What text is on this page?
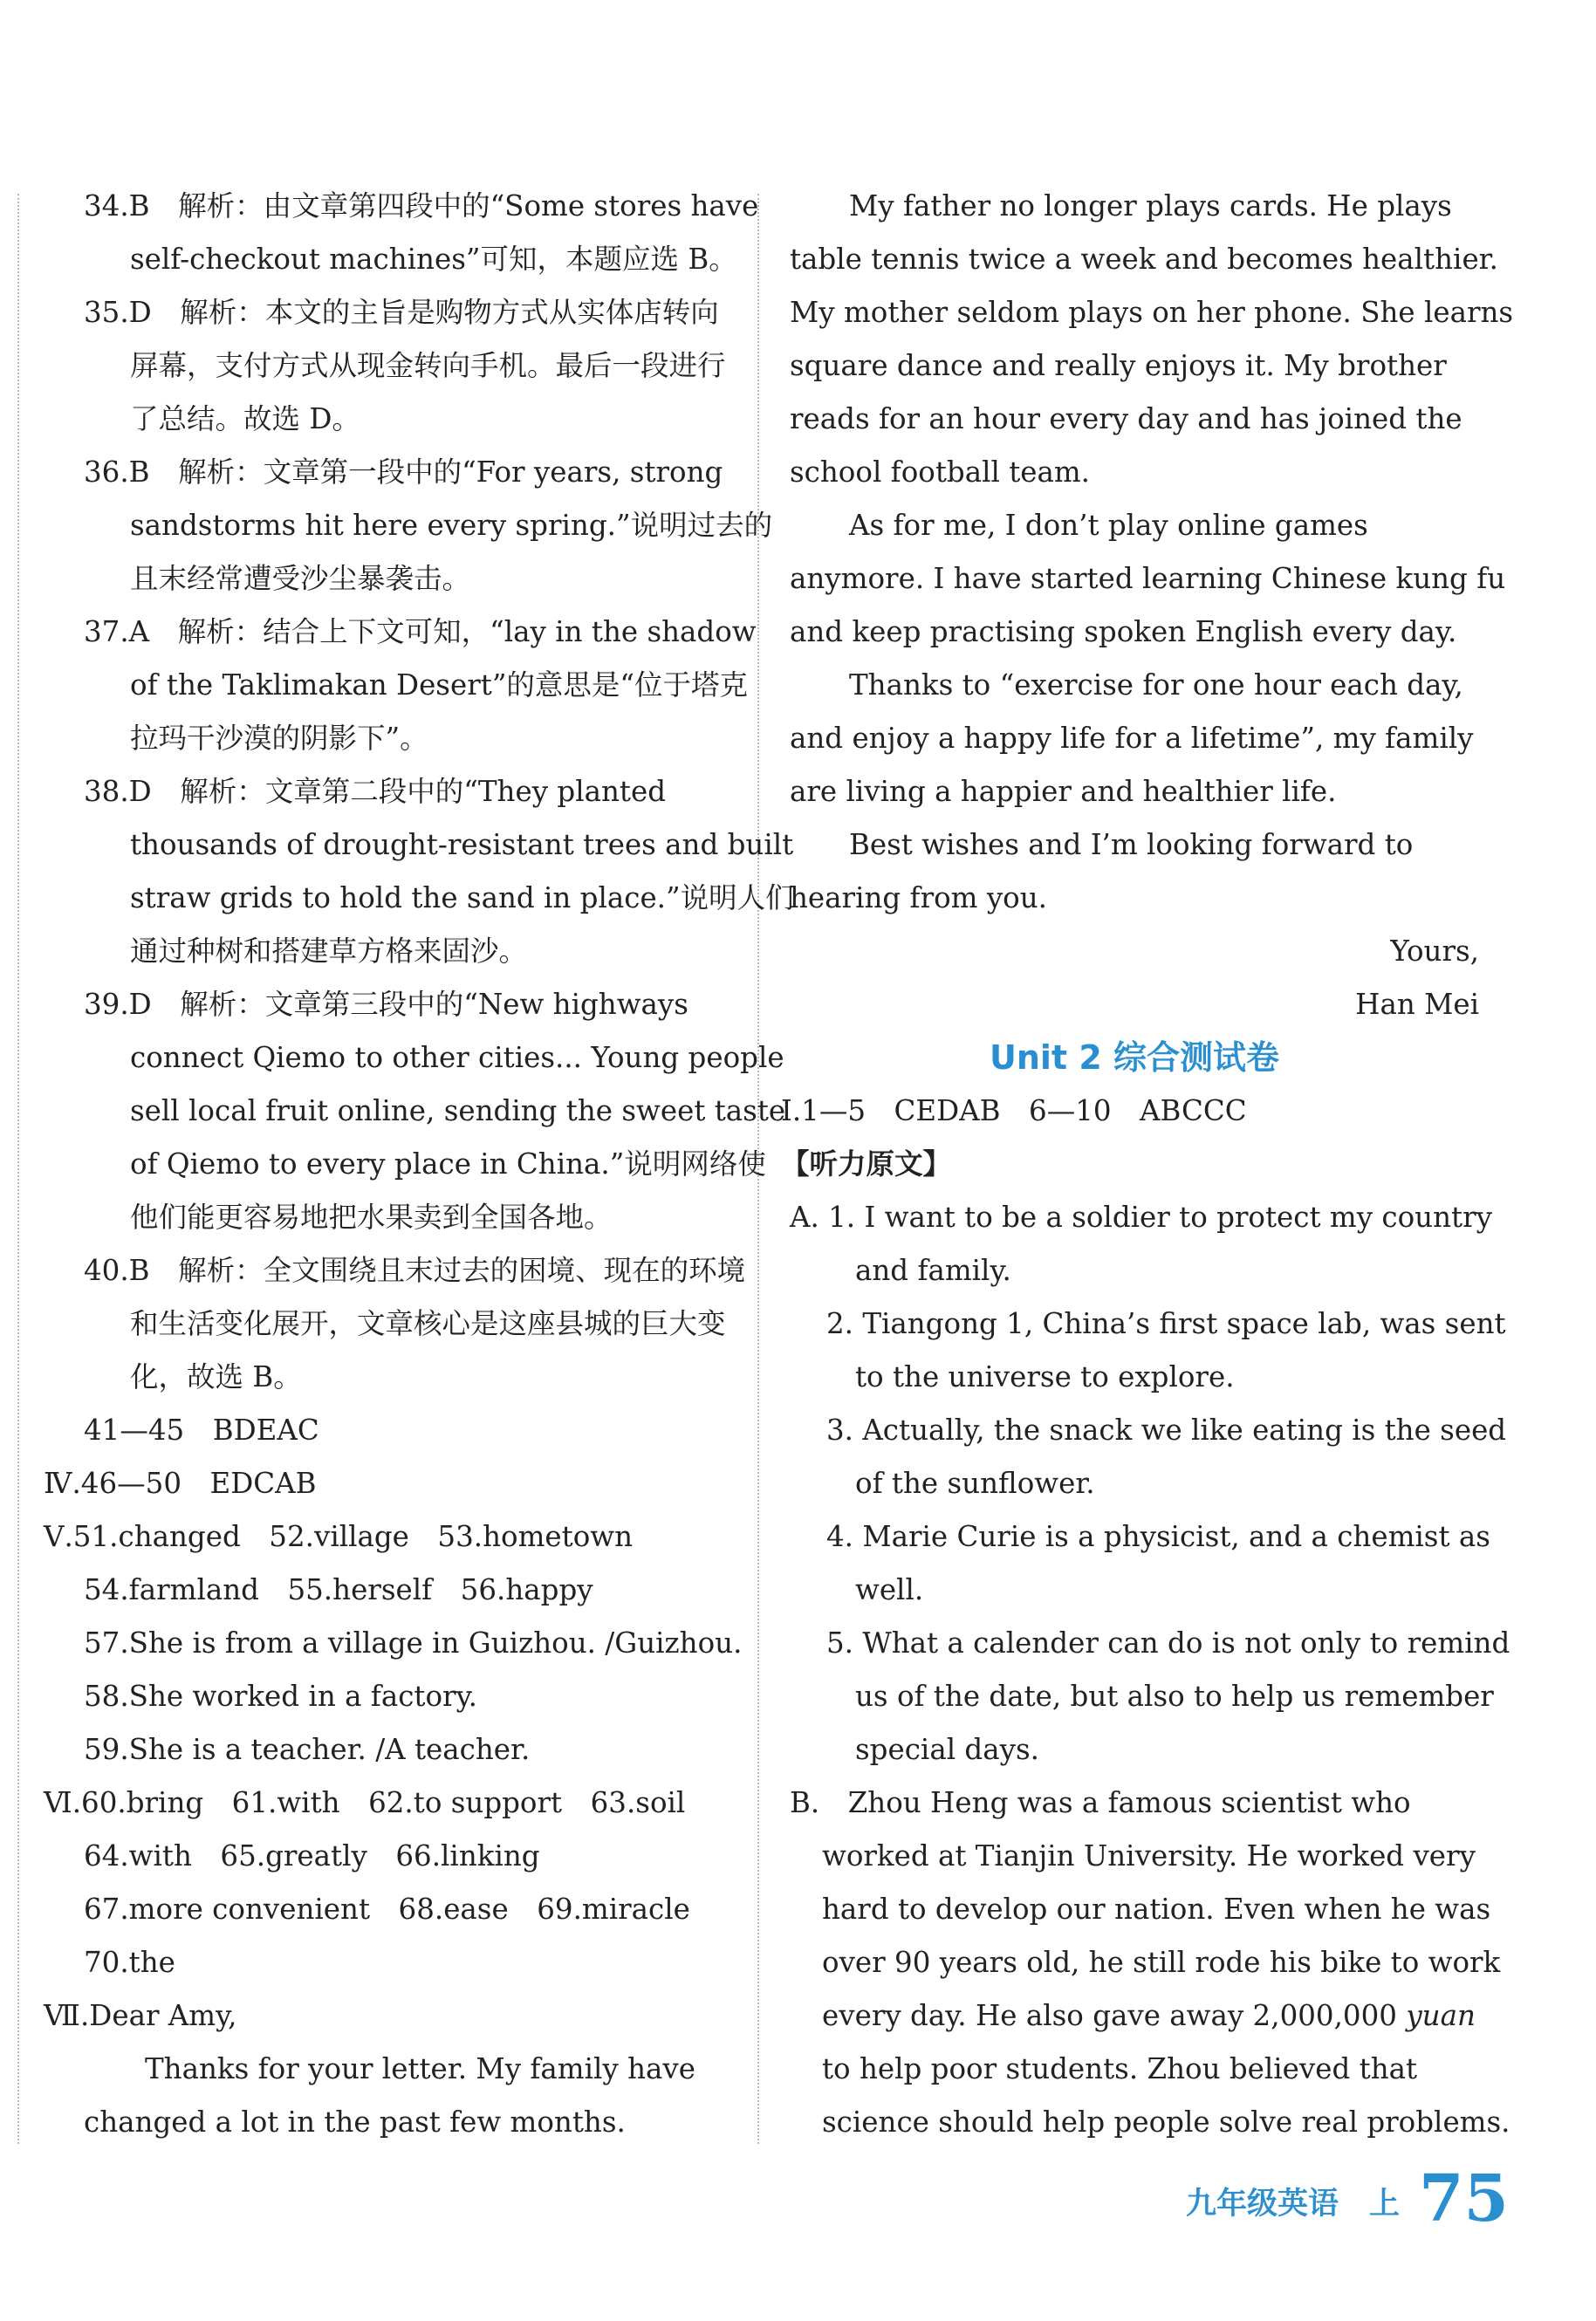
34.B　解析：由文章第四段中的“Some stores have
self-checkout machines”可知，本题应选 B。
35.D　解析：本文的主旨是购物方式从实体店转向
屏幕，支付方式从现金转向手机。最后一段进行
了总结。故选 D。
36.B　解析：文章第一段中的“For years, strong
sandstorms hit here every spring.”说明过去的
且末经常遭受沙尘暴袭击。
37.A　解析：结合上下文可知，“lay in the shadow
of the Taklimakan Desert”的意思是“位于塔克
拉玛干沙漠的阴影下”。
38.D　解析：文章第二段中的“They planted
thousands of drought-resistant trees and built
straw grids to hold the sand in place.”说明人们
通过种树和搭建草方格来固沙。
39.D　解析：文章第三段中的“New highways
connect Qiemo to other cities... Young people
sell local fruit online, sending the sweet taste
of Qiemo to every place in China.”说明网络使
他们能更容易地把水果卖到全国各地。
40.B　解析：全文围绕且末过去的困境、现在的环境
和生活变化展开，文章核心是这座县城的巨大变
化，故选 B。
41—45　BDEAC
Ⅳ.46—50　EDCAB
Ⅴ.51.changed　52.village　53.hometown
54.farmland　55.herself　56.happy
57.She is from a village in Guizhou. /Guizhou.
58.She worked in a factory.
59.She is a teacher. /A teacher.
Ⅵ.60.bring　61.with　62.to support　63.soil
64.with　65.greatly　66.linking
67.more convenient　68.ease　69.miracle
70.the
Ⅶ.Dear Amy,
Thanks for your letter. My family have
changed a lot in the past few months.
My father no longer plays cards. He plays
table tennis twice a week and becomes healthier.
My mother seldom plays on her phone. She learns
square dance and really enjoys it. My brother
reads for an hour every day and has joined the
school football team.
As for me, I don’t play online games
anymore. I have started learning Chinese kung fu
and keep practising spoken English every day.
Thanks to “exercise for one hour each day,
and enjoy a happy life for a lifetime”, my family
are living a happier and healthier life.
Best wishes and I’m looking forward to
hearing from you.
Yours,
Han Mei
Unit 2 综合测试卷
Ⅰ.1—5　CEDAB　6—10　ABCCC
【听力原文】
A. 1. I want to be a soldier to protect my country
and family.
2. Tiangong 1, China’s first space lab, was sent
to the universe to explore.
3. Actually, the snack we like eating is the seed
of the sunflower.
4. Marie Curie is a physicist, and a chemist as
well.
5. What a calender can do is not only to remind
us of the date, but also to help us remember
special days.
B.　Zhou Heng was a famous scientist who
worked at Tianjin University. He worked very
hard to develop our nation. Even when he was
over 90 years old, he still rode his bike to work
every day. He also gave away 2,000,000 yuan
to help poor students. Zhou believed that
science should help people solve real problems.
九年级英语　上 75
